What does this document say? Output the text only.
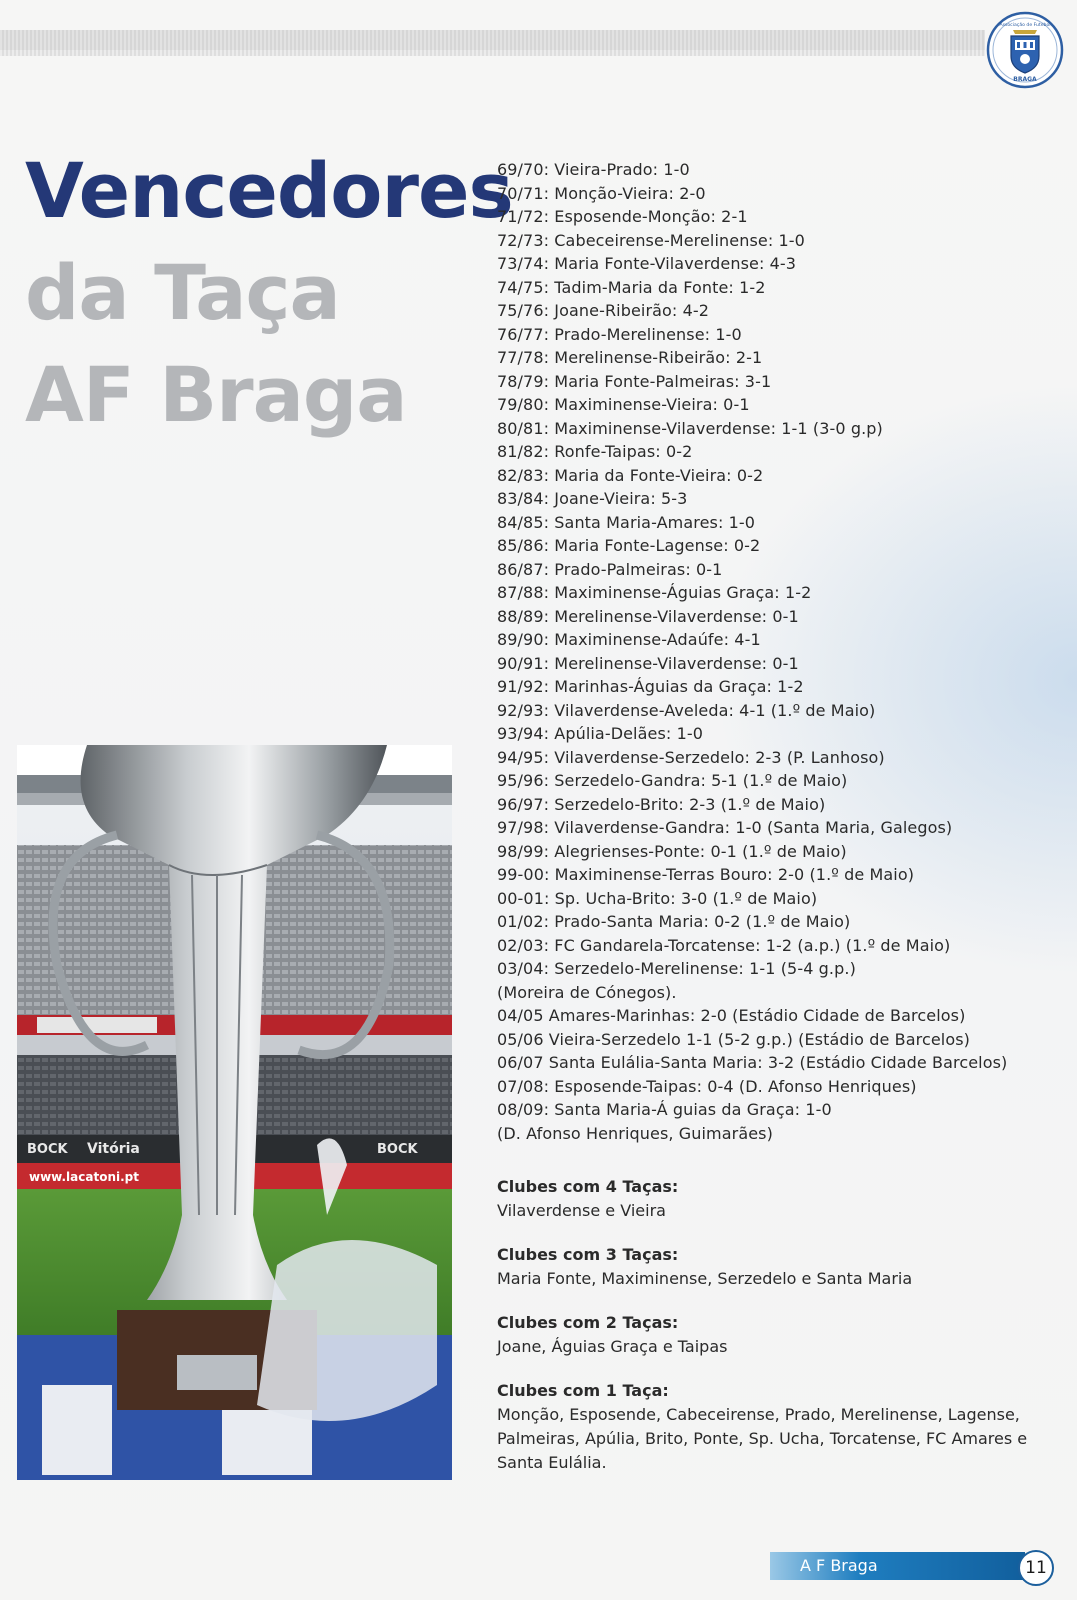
Associação de Futebol
BRAGA
Vencedores
da Taça
AF Braga
BOCK Vitória	BOCK
www.lacatoni.pt
69/70: Vieira-Prado: 1-0
70/71: Monção-Vieira: 2-0
71/72: Esposende-Monção: 2-1
72/73: Cabeceirense-Merelinense: 1-0
73/74: Maria Fonte-Vilaverdense: 4-3
74/75: Tadim-Maria da Fonte: 1-2
75/76: Joane-Ribeirão: 4-2
76/77: Prado-Merelinense: 1-0
77/78: Merelinense-Ribeirão: 2-1
78/79: Maria Fonte-Palmeiras: 3-1
79/80: Maximinense-Vieira: 0-1
80/81: Maximinense-Vilaverdense: 1-1 (3-0 g.p)
81/82: Ronfe-Taipas: 0-2
82/83: Maria da Fonte-Vieira: 0-2
83/84: Joane-Vieira: 5-3
84/85: Santa Maria-Amares: 1-0
85/86: Maria Fonte-Lagense: 0-2
86/87: Prado-Palmeiras: 0-1
87/88: Maximinense-Águias Graça: 1-2
88/89: Merelinense-Vilaverdense: 0-1
89/90: Maximinense-Adaúfe: 4-1
90/91: Merelinense-Vilaverdense: 0-1
91/92: Marinhas-Águias da Graça: 1-2
92/93: Vilaverdense-Aveleda: 4-1 (1.º de Maio)
93/94: Apúlia-Delães: 1-0
94/95: Vilaverdense-Serzedelo: 2-3 (P. Lanhoso)
95/96: Serzedelo-Gandra: 5-1 (1.º de Maio)
96/97: Serzedelo-Brito: 2-3 (1.º de Maio)
97/98: Vilaverdense-Gandra: 1-0 (Santa Maria, Galegos)
98/99: Alegrienses-Ponte: 0-1 (1.º de Maio)
99-00: Maximinense-Terras Bouro: 2-0 (1.º de Maio)
00-01: Sp. Ucha-Brito: 3-0 (1.º de Maio)
01/02: Prado-Santa Maria: 0-2 (1.º de Maio)
02/03: FC Gandarela-Torcatense: 1-2 (a.p.) (1.º de Maio)
03/04: Serzedelo-Merelinense: 1-1 (5-4 g.p.)
(Moreira de Cónegos).
04/05 Amares-Marinhas: 2-0 (Estádio Cidade de Barcelos)
05/06 Vieira-Serzedelo 1-1 (5-2 g.p.) (Estádio de Barcelos)
06/07 Santa Eulália-Santa Maria: 3-2 (Estádio Cidade Barcelos)
07/08: Esposende-Taipas: 0-4 (D. Afonso Henriques)
08/09: Santa Maria-Á guias da Graça: 1-0
(D. Afonso Henriques, Guimarães)
Clubes com 4 Taças:
Vilaverdense e Vieira
Clubes com 3 Taças:
Maria Fonte, Maximinense, Serzedelo e Santa Maria
Clubes com 2 Taças:
Joane, Águias Graça e Taipas
Clubes com 1 Taça:
Monção, Esposende, Cabeceirense, Prado, Merelinense, Lagense, Palmeiras, Apúlia, Brito, Ponte, Sp. Ucha, Torcatense, FC Amares e Santa Eulália.
A F Braga	11
